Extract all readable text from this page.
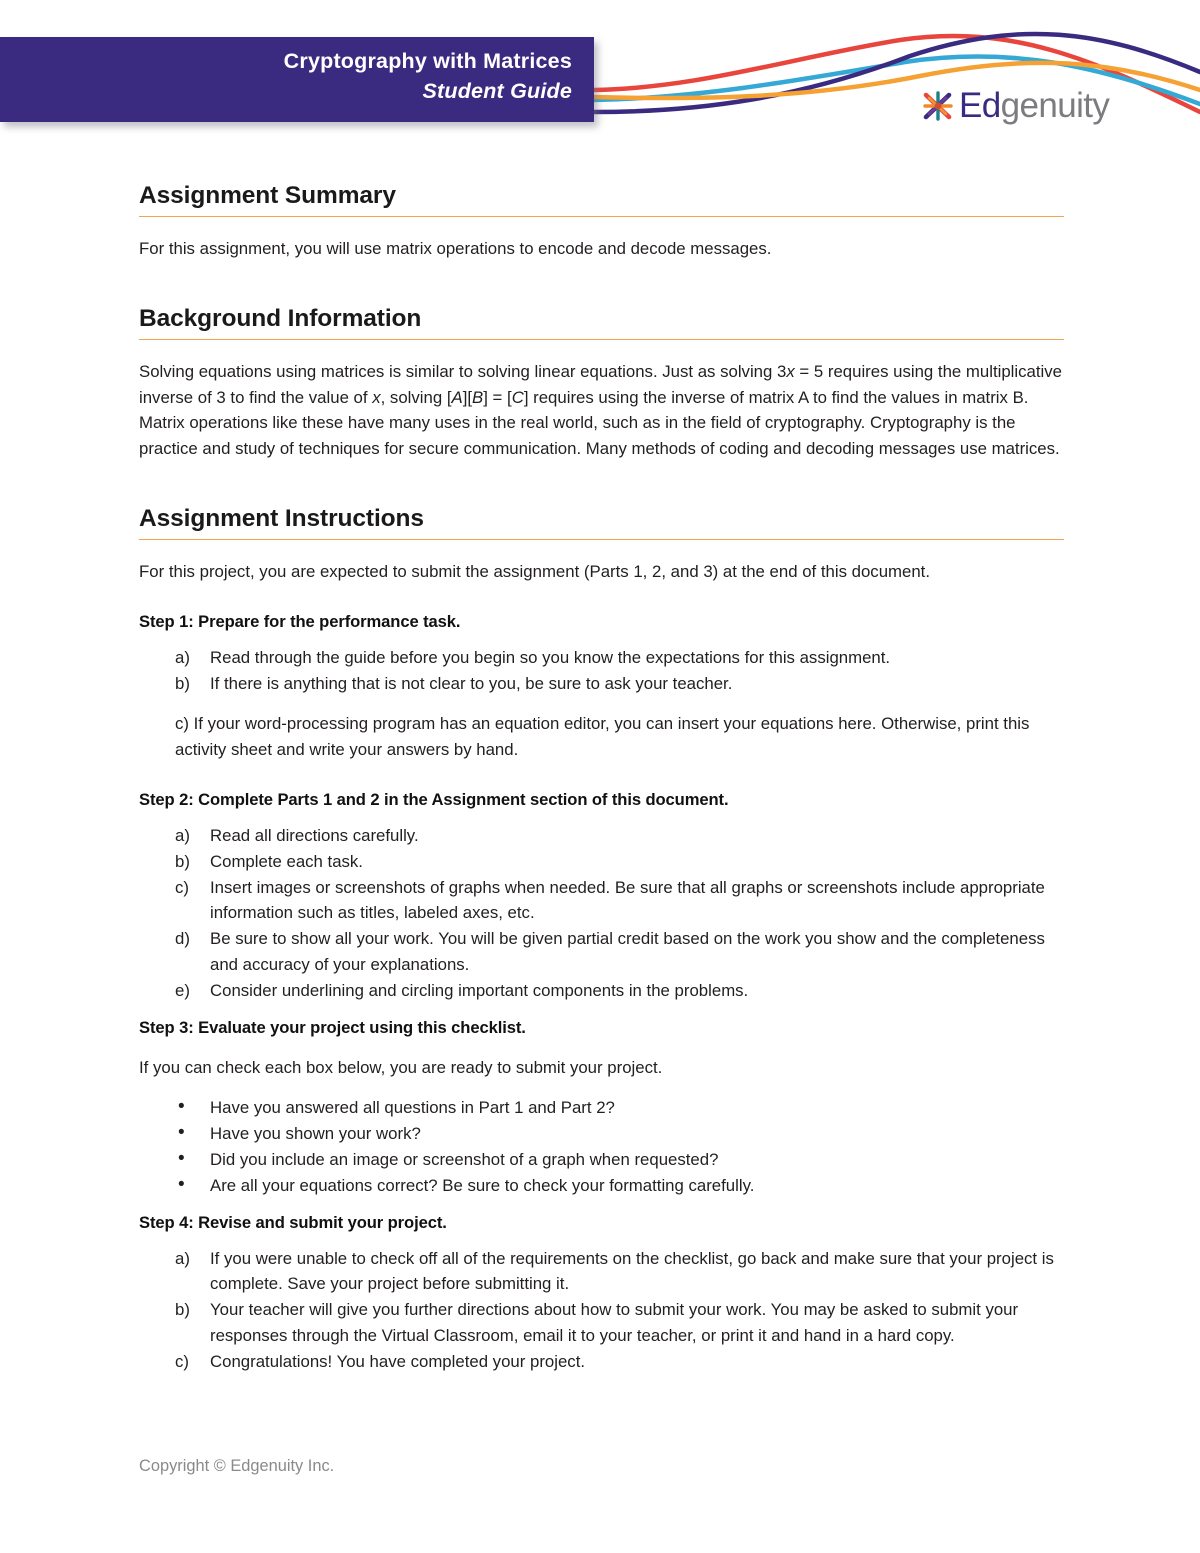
Cryptography with Matrices
Student Guide	Edgenuity
Assignment Summary

For this assignment, you will use matrix operations to encode and decode messages.

Background Information

Solving equations using matrices is similar to solving linear equations. Just as solving 3x = 5 requires using the multiplicative inverse of 3 to find the value of x, solving [A][B] = [C] requires using the inverse of matrix A to find the values in matrix B. Matrix operations like these have many uses in the real world, such as in the field of cryptography. Cryptography is the practice and study of techniques for secure communication. Many methods of coding and decoding messages use matrices.

Assignment Instructions

For this project, you are expected to submit the assignment (Parts 1, 2, and 3) at the end of this document.

Step 1: Prepare for the performance task.

a)	Read through the guide before you begin so you know the expectations for this assignment.
b)	If there is anything that is not clear to you, be sure to ask your teacher.

c) If your word-processing program has an equation editor, you can insert your equations here. Otherwise, print this activity sheet and write your answers by hand.

Step 2: Complete Parts 1 and 2 in the Assignment section of this document.

a)	Read all directions carefully.
b)	Complete each task.
c)	Insert images or screenshots of graphs when needed. Be sure that all graphs or screenshots include appropriate information such as titles, labeled axes, etc.
d)	Be sure to show all your work. You will be given partial credit based on the work you show and the completeness and accuracy of your explanations.
e)	Consider underlining and circling important components in the problems.

Step 3: Evaluate your project using this checklist.

If you can check each box below, you are ready to submit your project.

• Have you answered all questions in Part 1 and Part 2?
• Have you shown your work?
• Did you include an image or screenshot of a graph when requested?
• Are all your equations correct? Be sure to check your formatting carefully.

Step 4: Revise and submit your project.

a)	If you were unable to check off all of the requirements on the checklist, go back and make sure that your project is complete. Save your project before submitting it.
b)	Your teacher will give you further directions about how to submit your work. You may be asked to submit your responses through the Virtual Classroom, email it to your teacher, or print it and hand in a hard copy.
c)	Congratulations! You have completed your project.
Copyright © Edgenuity Inc.
